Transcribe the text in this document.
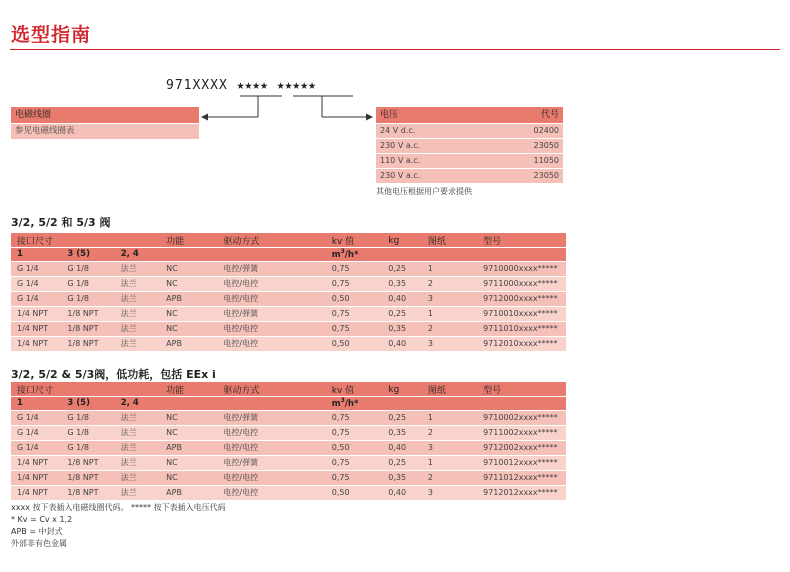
选型指南
971XXXX ★★★★ ★★★★★
电磁线圈
参见电磁线圈表
电压	代号
24 V d.c.	02400
230 V a.c.	23050
110 V a.c.	11050
230 V a.c.	23050
其他电压根据用户要求提供
3/2, 5/2 和 5/3 阀
接口尺寸			功能	驱动方式	kv 值	kg	图纸	型号
1	3 (5)	2, 4			$m^3/h*$			
G 1/4	G 1/8	法兰	NC	电控/弹簧	0,75	0,25	1	9710000xxxx*****
G 1/4	G 1/8	法兰	NC	电控/电控	0,75	0,35	2	9711000xxxx*****
G 1/4	G 1/8	法兰	APB	电控/电控	0,50	0,40	3	9712000xxxx*****
1/4 NPT	1/8 NPT	法兰	NC	电控/弹簧	0,75	0,25	1	9710010xxxx*****
1/4 NPT	1/8 NPT	法兰	NC	电控/电控	0,75	0,35	2	9711010xxxx*****
1/4 NPT	1/8 NPT	法兰	APB	电控/电控	0,50	0,40	3	9712010xxxx*****
3/2, 5/2 & 5/3阀，低功耗，包括 EEx i
接口尺寸			功能	驱动方式	kv 值	kg	图纸	型号
1	3 (5)	2, 4			$m^3/h*$			
G 1/4	G 1/8	法兰	NC	电控/弹簧	0,75	0,25	1	9710002xxxx*****
G 1/4	G 1/8	法兰	NC	电控/电控	0,75	0,35	2	9711002xxxx*****
G 1/4	G 1/8	法兰	APB	电控/电控	0,50	0,40	3	9712002xxxx*****
1/4 NPT	1/8 NPT	法兰	NC	电控/弹簧	0,75	0,25	1	9710012xxxx*****
1/4 NPT	1/8 NPT	法兰	NC	电控/电控	0,75	0,35	2	9711012xxxx*****
1/4 NPT	1/8 NPT	法兰	APB	电控/电控	0,50	0,40	3	9712012xxxx*****
xxxx 按下表插入电磁线圈代码。 ***** 按下表插入电压代码
* Kv = Cv x 1,2
APB = 中封式
外部非有色金属
